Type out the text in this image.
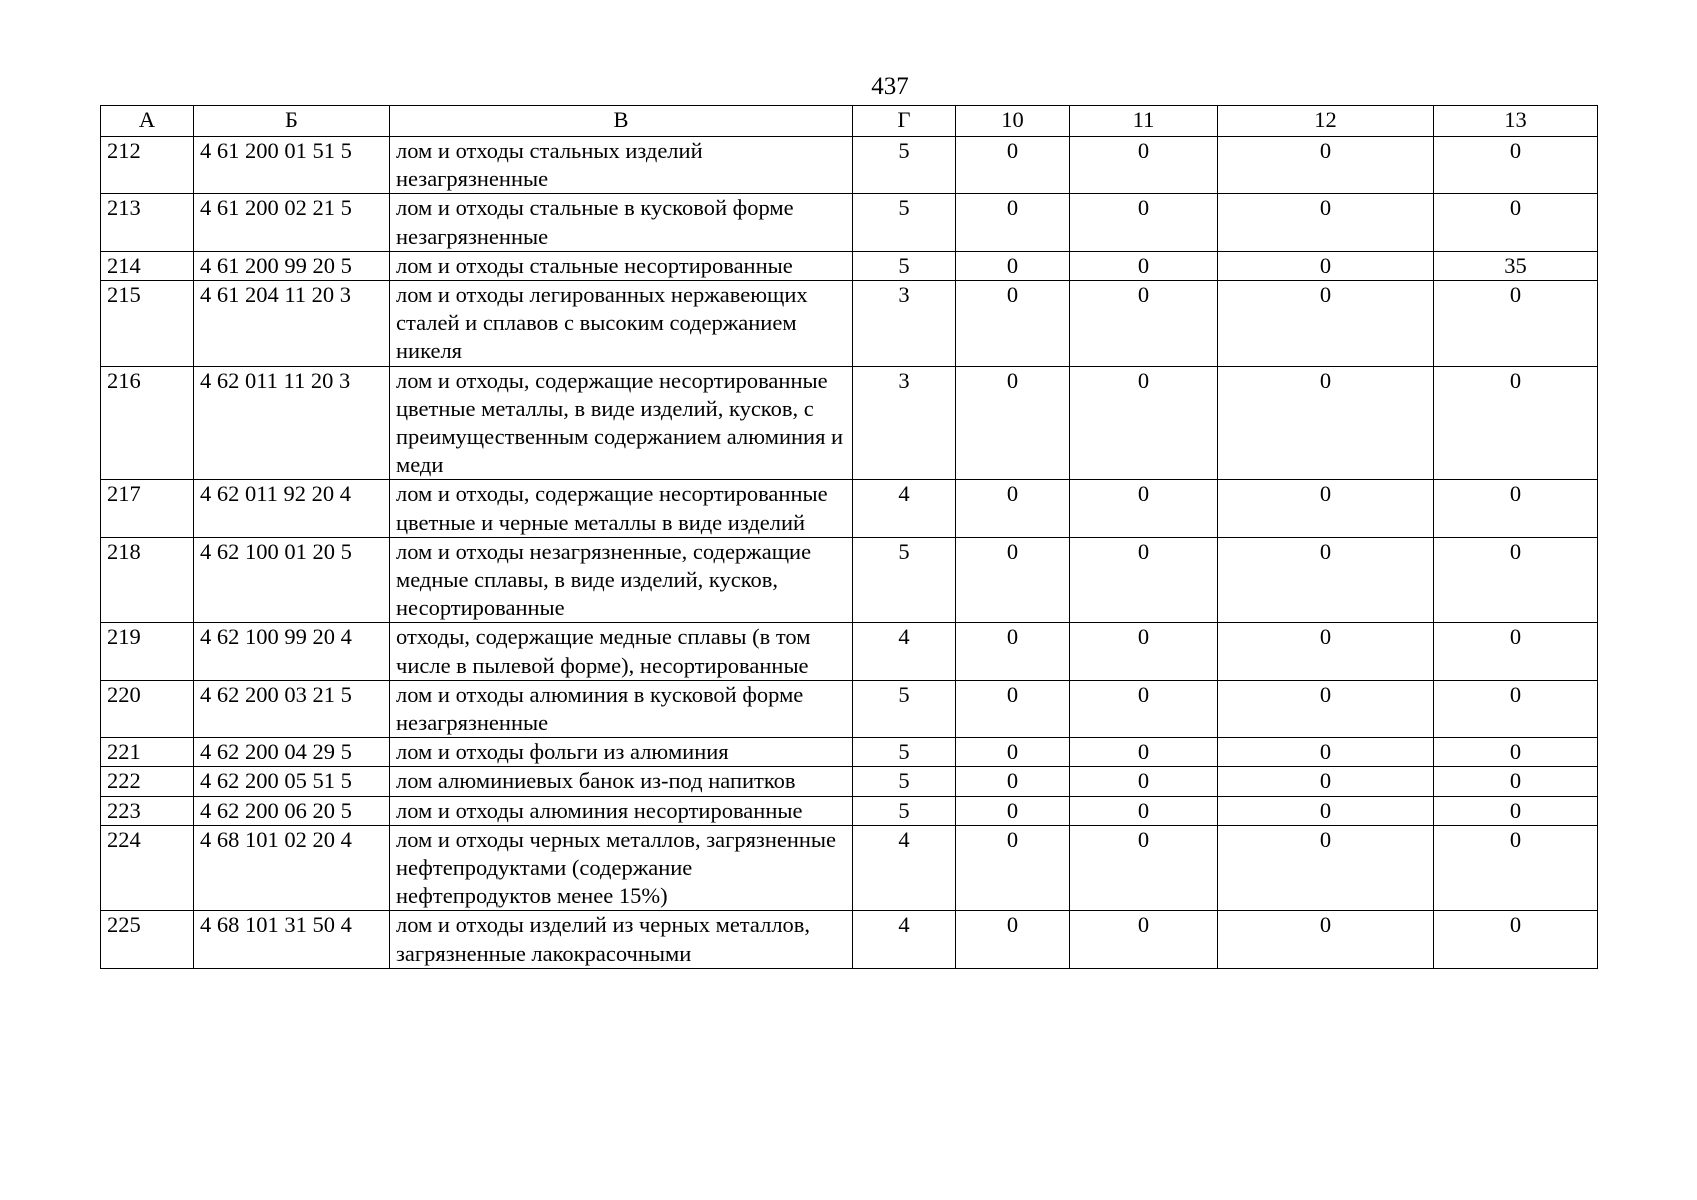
437
А	Б	В	Г	10	11	12	13
212	4 61 200 01 51 5	лом и отходы стальных изделий незагрязненные	5	0	0	0	0
213	4 61 200 02 21 5	лом и отходы стальные в кусковой форме незагрязненные	5	0	0	0	0
214	4 61 200 99 20 5	лом и отходы стальные несортированные	5	0	0	0	35
215	4 61 204 11 20 3	лом и отходы легированных нержавеющих сталей и сплавов с высоким содержанием никеля	3	0	0	0	0
216	4 62 011 11 20 3	лом и отходы, содержащие несортированные цветные металлы, в виде изделий, кусков, с преимущественным содержанием алюминия и меди	3	0	0	0	0
217	4 62 011 92 20 4	лом и отходы, содержащие несортированные цветные и черные металлы в виде изделий	4	0	0	0	0
218	4 62 100 01 20 5	лом и отходы незагрязненные, содержащие медные сплавы, в виде изделий, кусков, несортированные	5	0	0	0	0
219	4 62 100 99 20 4	отходы, содержащие медные сплавы (в том числе в пылевой форме), несортированные	4	0	0	0	0
220	4 62 200 03 21 5	лом и отходы алюминия в кусковой форме незагрязненные	5	0	0	0	0
221	4 62 200 04 29 5	лом и отходы фольги из алюминия	5	0	0	0	0
222	4 62 200 05 51 5	лом алюминиевых банок из-под напитков	5	0	0	0	0
223	4 62 200 06 20 5	лом и отходы алюминия несортированные	5	0	0	0	0
224	4 68 101 02 20 4	лом и отходы черных металлов, загрязненные нефтепродуктами (содержание нефтепродуктов менее 15%)	4	0	0	0	0
225	4 68 101 31 50 4	лом и отходы изделий из черных металлов, загрязненные лакокрасочными	4	0	0	0	0
